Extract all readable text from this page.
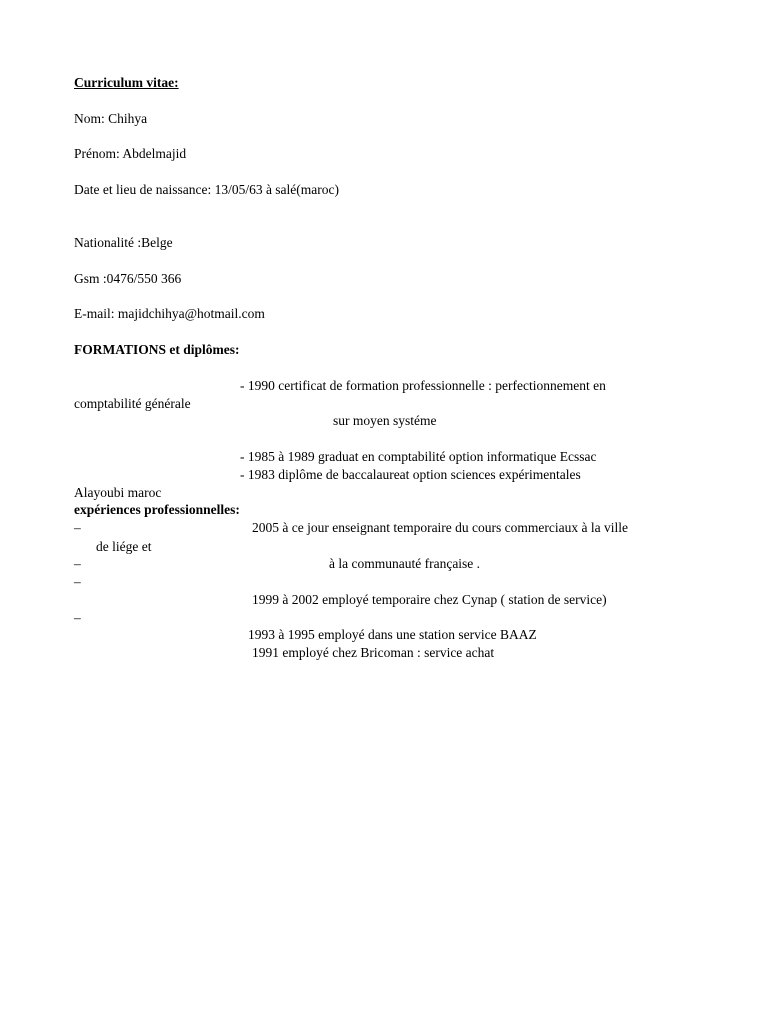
Curriculum vitae:
Nom: Chihya
Prénom: Abdelmajid
Date et lieu de naissance: 13/05/63 à salé(maroc)
Nationalité :Belge
Gsm :0476/550 366
E-mail: majidchihya@hotmail.com
FORMATIONS et diplômes:
- 1990 certificat de formation professionnelle : perfectionnement en
comptabilité générale
sur moyen systéme
- 1985 à 1989 graduat en comptabilité option informatique Ecssac
- 1983 diplôme de baccalaureat option sciences expérimentales
Alayoubi maroc
expériences professionnelles:
–	2005 à ce jour enseignant temporaire du cours commerciaux à la ville
de liége et
–	à la communauté française .
–
1999 à 2002 employé temporaire chez Cynap ( station de service)
–
1993 à 1995 employé dans une station service BAAZ
1991 employé chez Bricoman : service achat
